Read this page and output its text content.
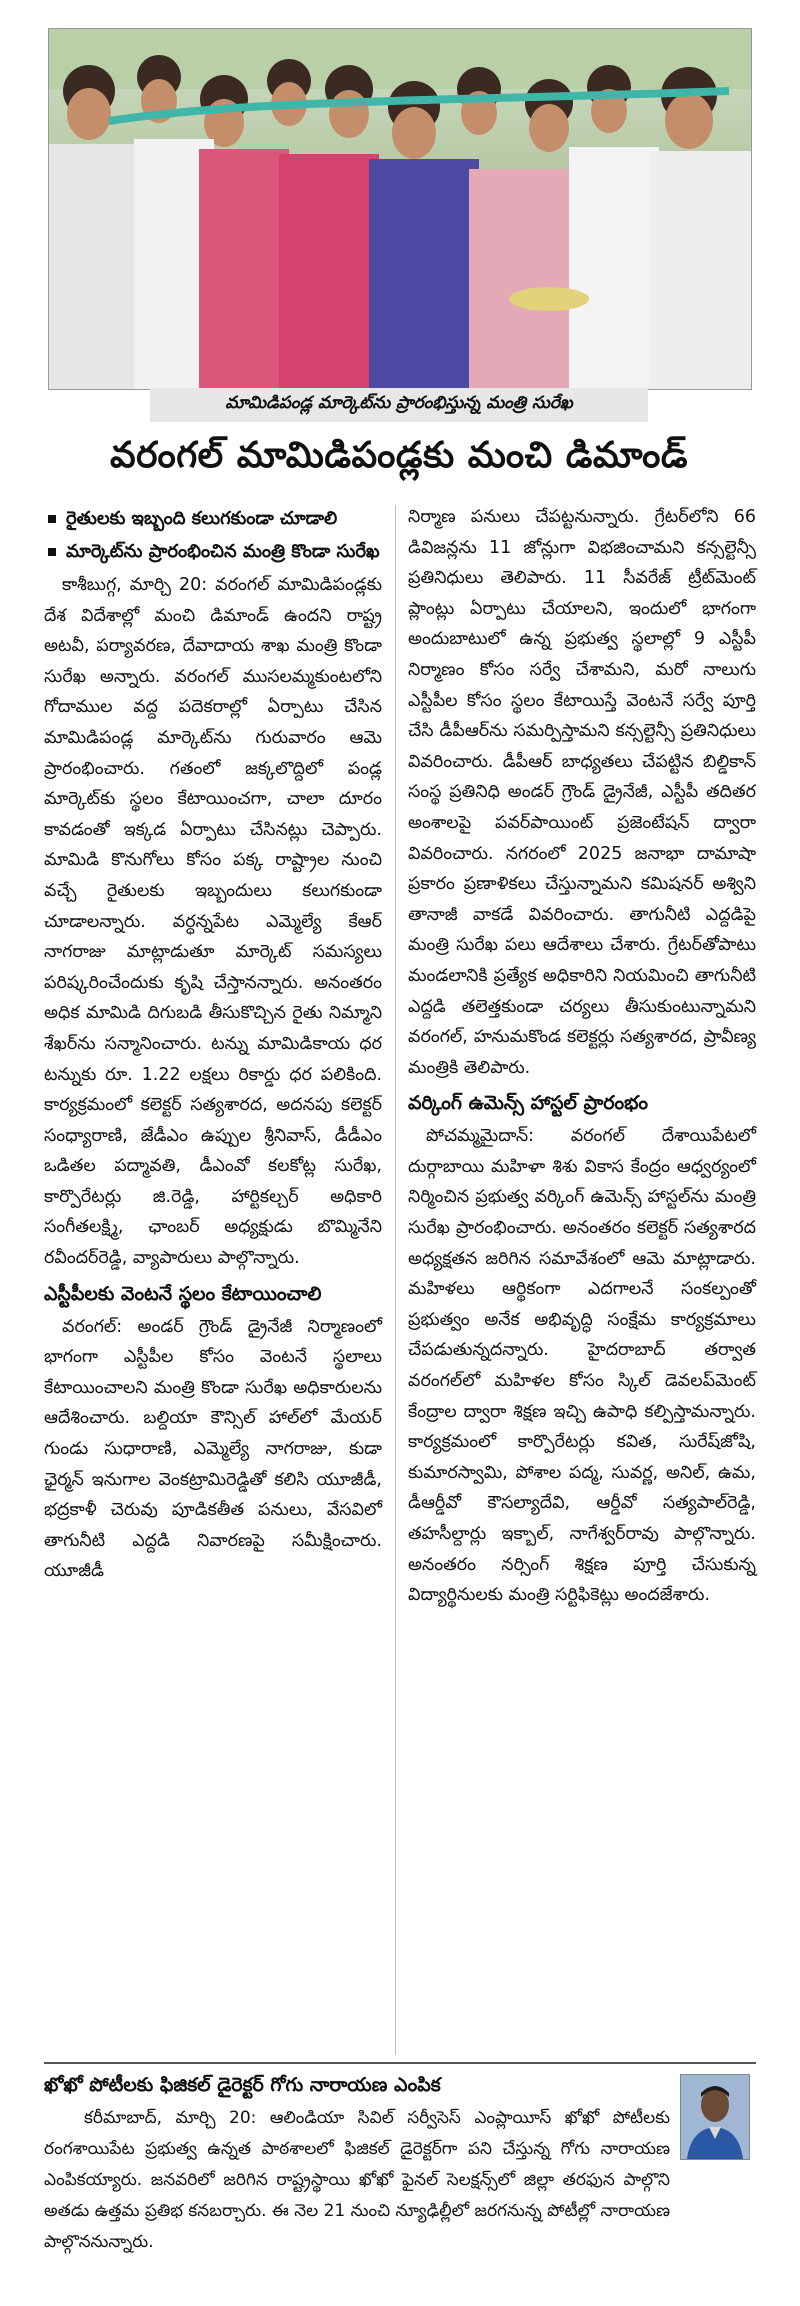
మామిడిపండ్ల మార్కెట్‌ను ప్రారంభిస్తున్న మంత్రి సురేఖ
వరంగల్ మామిడిపండ్లకు మంచి డిమాండ్
రైతులకు ఇబ్బంది కలుగకుండా చూడాలి
మార్కెట్‌ను ప్రారంభించిన మంత్రి కొండా సురేఖ

కాశీబుగ్గ, మార్చి 20: వరంగల్ మామిడిపండ్లకు దేశ విదేశాల్లో మంచి డిమాండ్ ఉందని రాష్ట్ర అటవీ, పర్యావరణ, దేవాదాయ శాఖ మంత్రి కొండా సురేఖ అన్నారు. వరంగల్ ముసలమ్మకుంటలోని గోదాముల వద్ద పదెకరాల్లో ఏర్పాటు చేసిన మామిడిపండ్ల మార్కెట్‌ను గురువారం ఆమె ప్రారంభించారు. గతంలో జక్కలొద్దిలో పండ్ల మార్కెట్‌కు స్థలం కేటాయించగా, చాలా దూరం కావడంతో ఇక్కడ ఏర్పాటు చేసినట్లు చెప్పారు. మామిడి కొనుగోలు కోసం పక్క రాష్ట్రాల నుంచి వచ్చే రైతులకు ఇబ్బందులు కలుగకుండా చూడాలన్నారు. వర్ధన్నపేట ఎమ్మెల్యే కేఆర్ నాగరాజు మాట్లాడుతూ మార్కెట్ సమస్యలు పరిష్కరించేందుకు కృషి చేస్తానన్నారు. అనంతరం అధిక మామిడి దిగుబడి తీసుకొచ్చిన రైతు నిమ్మాని శేఖర్‌ను సన్మానించారు. టన్ను మామిడికాయ ధర టన్నుకు రూ. 1.22 లక్షలు రికార్డు ధర పలికింది. కార్యక్రమంలో కలెక్టర్ సత్యశారద, అదనపు కలెక్టర్ సంధ్యారాణి, జేడీఎం ఉప్పుల శ్రీనివాస్, డీడీఎం ఒడితల పద్మావతి, డీఎంవో కలకోట్ల సురేఖ, కార్పొరేటర్లు జి.రెడ్డి, హార్టికల్చర్ అధికారి సంగీతలక్ష్మి, ఛాంబర్ అధ్యక్షుడు బొమ్మినేని రవీందర్‌రెడ్డి, వ్యాపారులు పాల్గొన్నారు.

ఎస్టీపీలకు వెంటనే స్థలం కేటాయించాలి

వరంగల్: అండర్ గ్రౌండ్ డ్రైనేజీ నిర్మాణంలో భాగంగా ఎస్టీపీల కోసం వెంటనే స్థలాలు కేటాయించాలని మంత్రి కొండా సురేఖ అధికారులను ఆదేశించారు. బల్దియా కౌన్సిల్ హాల్‌లో మేయర్ గుండు సుధారాణి, ఎమ్మెల్యే నాగరాజు, కుడా ఛైర్మన్ ఇనుగాల వెంకట్రామిరెడ్డితో కలిసి యూజీడీ, భద్రకాళీ చెరువు పూడికతీత పనులు, వేసవిలో తాగునీటి ఎద్దడి నివారణపై సమీక్షించారు. యూజీడీ

నిర్మాణ పనులు చేపట్టనున్నారు. గ్రేటర్‌లోని 66 డివిజన్లను 11 జోన్లుగా విభజించామని కన్సల్టెన్సీ ప్రతినిధులు తెలిపారు. 11 సీవరేజ్ ట్రీట్‌మెంట్ ప్లాంట్లు ఏర్పాటు చేయాలని, ఇందులో భాగంగా అందుబాటులో ఉన్న ప్రభుత్వ స్థలాల్లో 9 ఎస్టీపీ నిర్మాణం కోసం సర్వే చేశామని, మరో నాలుగు ఎస్టీపీల కోసం స్థలం కేటాయిస్తే వెంటనే సర్వే పూర్తి చేసి డీపీఆర్‌ను సమర్పిస్తామని కన్సల్టెన్సీ ప్రతినిధులు వివరించారు. డీపీఆర్ బాధ్యతలు చేపట్టిన బిల్డికాన్ సంస్థ ప్రతినిధి అండర్ గ్రౌండ్ డ్రైనేజీ, ఎస్టీపీ తదితర అంశాలపై పవర్‌పాయింట్ ప్రజెంటేషన్ ద్వారా వివరించారు. నగరంలో 2025 జనాభా దామాషా ప్రకారం ప్రణాళికలు చేస్తున్నామని కమిషనర్ అశ్విని తానాజీ వాకడే వివరించారు. తాగునీటి ఎద్దడిపై మంత్రి సురేఖ పలు ఆదేశాలు చేశారు. గ్రేటర్‌తోపాటు మండలానికి ప్రత్యేక అధికారిని నియమించి తాగునీటి ఎద్దడి తలెత్తకుండా చర్యలు తీసుకుంటున్నామని వరంగల్, హనుమకొండ కలెక్టర్లు సత్యశారద, ప్రావీణ్య మంత్రికి తెలిపారు.

వర్కింగ్ ఉమెన్స్ హాస్టల్ ప్రారంభం

పోచమ్మమైదాన్: వరంగల్ దేశాయిపేటలో దుర్గాబాయి మహిళా శిశు వికాస కేంద్రం ఆధ్వర్యంలో నిర్మించిన ప్రభుత్వ వర్కింగ్ ఉమెన్స్ హాస్టల్‌ను మంత్రి సురేఖ ప్రారంభించారు. అనంతరం కలెక్టర్ సత్యశారద అధ్యక్షతన జరిగిన సమావేశంలో ఆమె మాట్లాడారు. మహిళలు ఆర్థికంగా ఎదగాలనే సంకల్పంతో ప్రభుత్వం అనేక అభివృద్ధి సంక్షేమ కార్యక్రమాలు చేపడుతున్నదన్నారు. హైదరాబాద్ తర్వాత వరంగల్‌లో మహిళల కోసం స్కిల్ డెవలప్‌మెంట్ కేంద్రాల ద్వారా శిక్షణ ఇచ్చి ఉపాధి కల్పిస్తామన్నారు. కార్యక్రమంలో కార్పొరేటర్లు కవిత, సురేష్‌జోషి, కుమారస్వామి, పోశాల పద్మ, సువర్ణ, అనిల్, ఉమ, డీఆర్డీవో కౌసల్యాదేవి, ఆర్డీవో సత్యపాల్‌రెడ్డి, తహసీల్దార్లు ఇక్బాల్, నాగేశ్వర్‌రావు పాల్గొన్నారు. అనంతరం నర్సింగ్ శిక్షణ పూర్తి చేసుకున్న విద్యార్థినులకు మంత్రి సర్టిఫికెట్లు అందజేశారు.

ఖోఖో పోటీలకు ఫిజికల్ డైరెక్టర్ గోగు నారాయణ ఎంపిక

కరీమాబాద్, మార్చి 20: ఆలిండియా సివిల్ సర్వీసెస్ ఎంప్లాయీస్ ఖోఖో పోటీలకు రంగశాయిపేట ప్రభుత్వ ఉన్నత పాఠశాలలో ఫిజికల్ డైరెక్టర్‌గా పని చేస్తున్న గోగు నారాయణ ఎంపికయ్యారు. జనవరిలో జరిగిన రాష్ట్రస్థాయి ఖోఖో ఫైనల్ సెలక్షన్స్‌లో జిల్లా తరఫున పాల్గొని అతడు ఉత్తమ ప్రతిభ కనబర్చారు. ఈ నెల 21 నుంచి న్యూఢిల్లీలో జరగనున్న పోటీల్లో నారాయణ పాల్గొననున్నారు.
